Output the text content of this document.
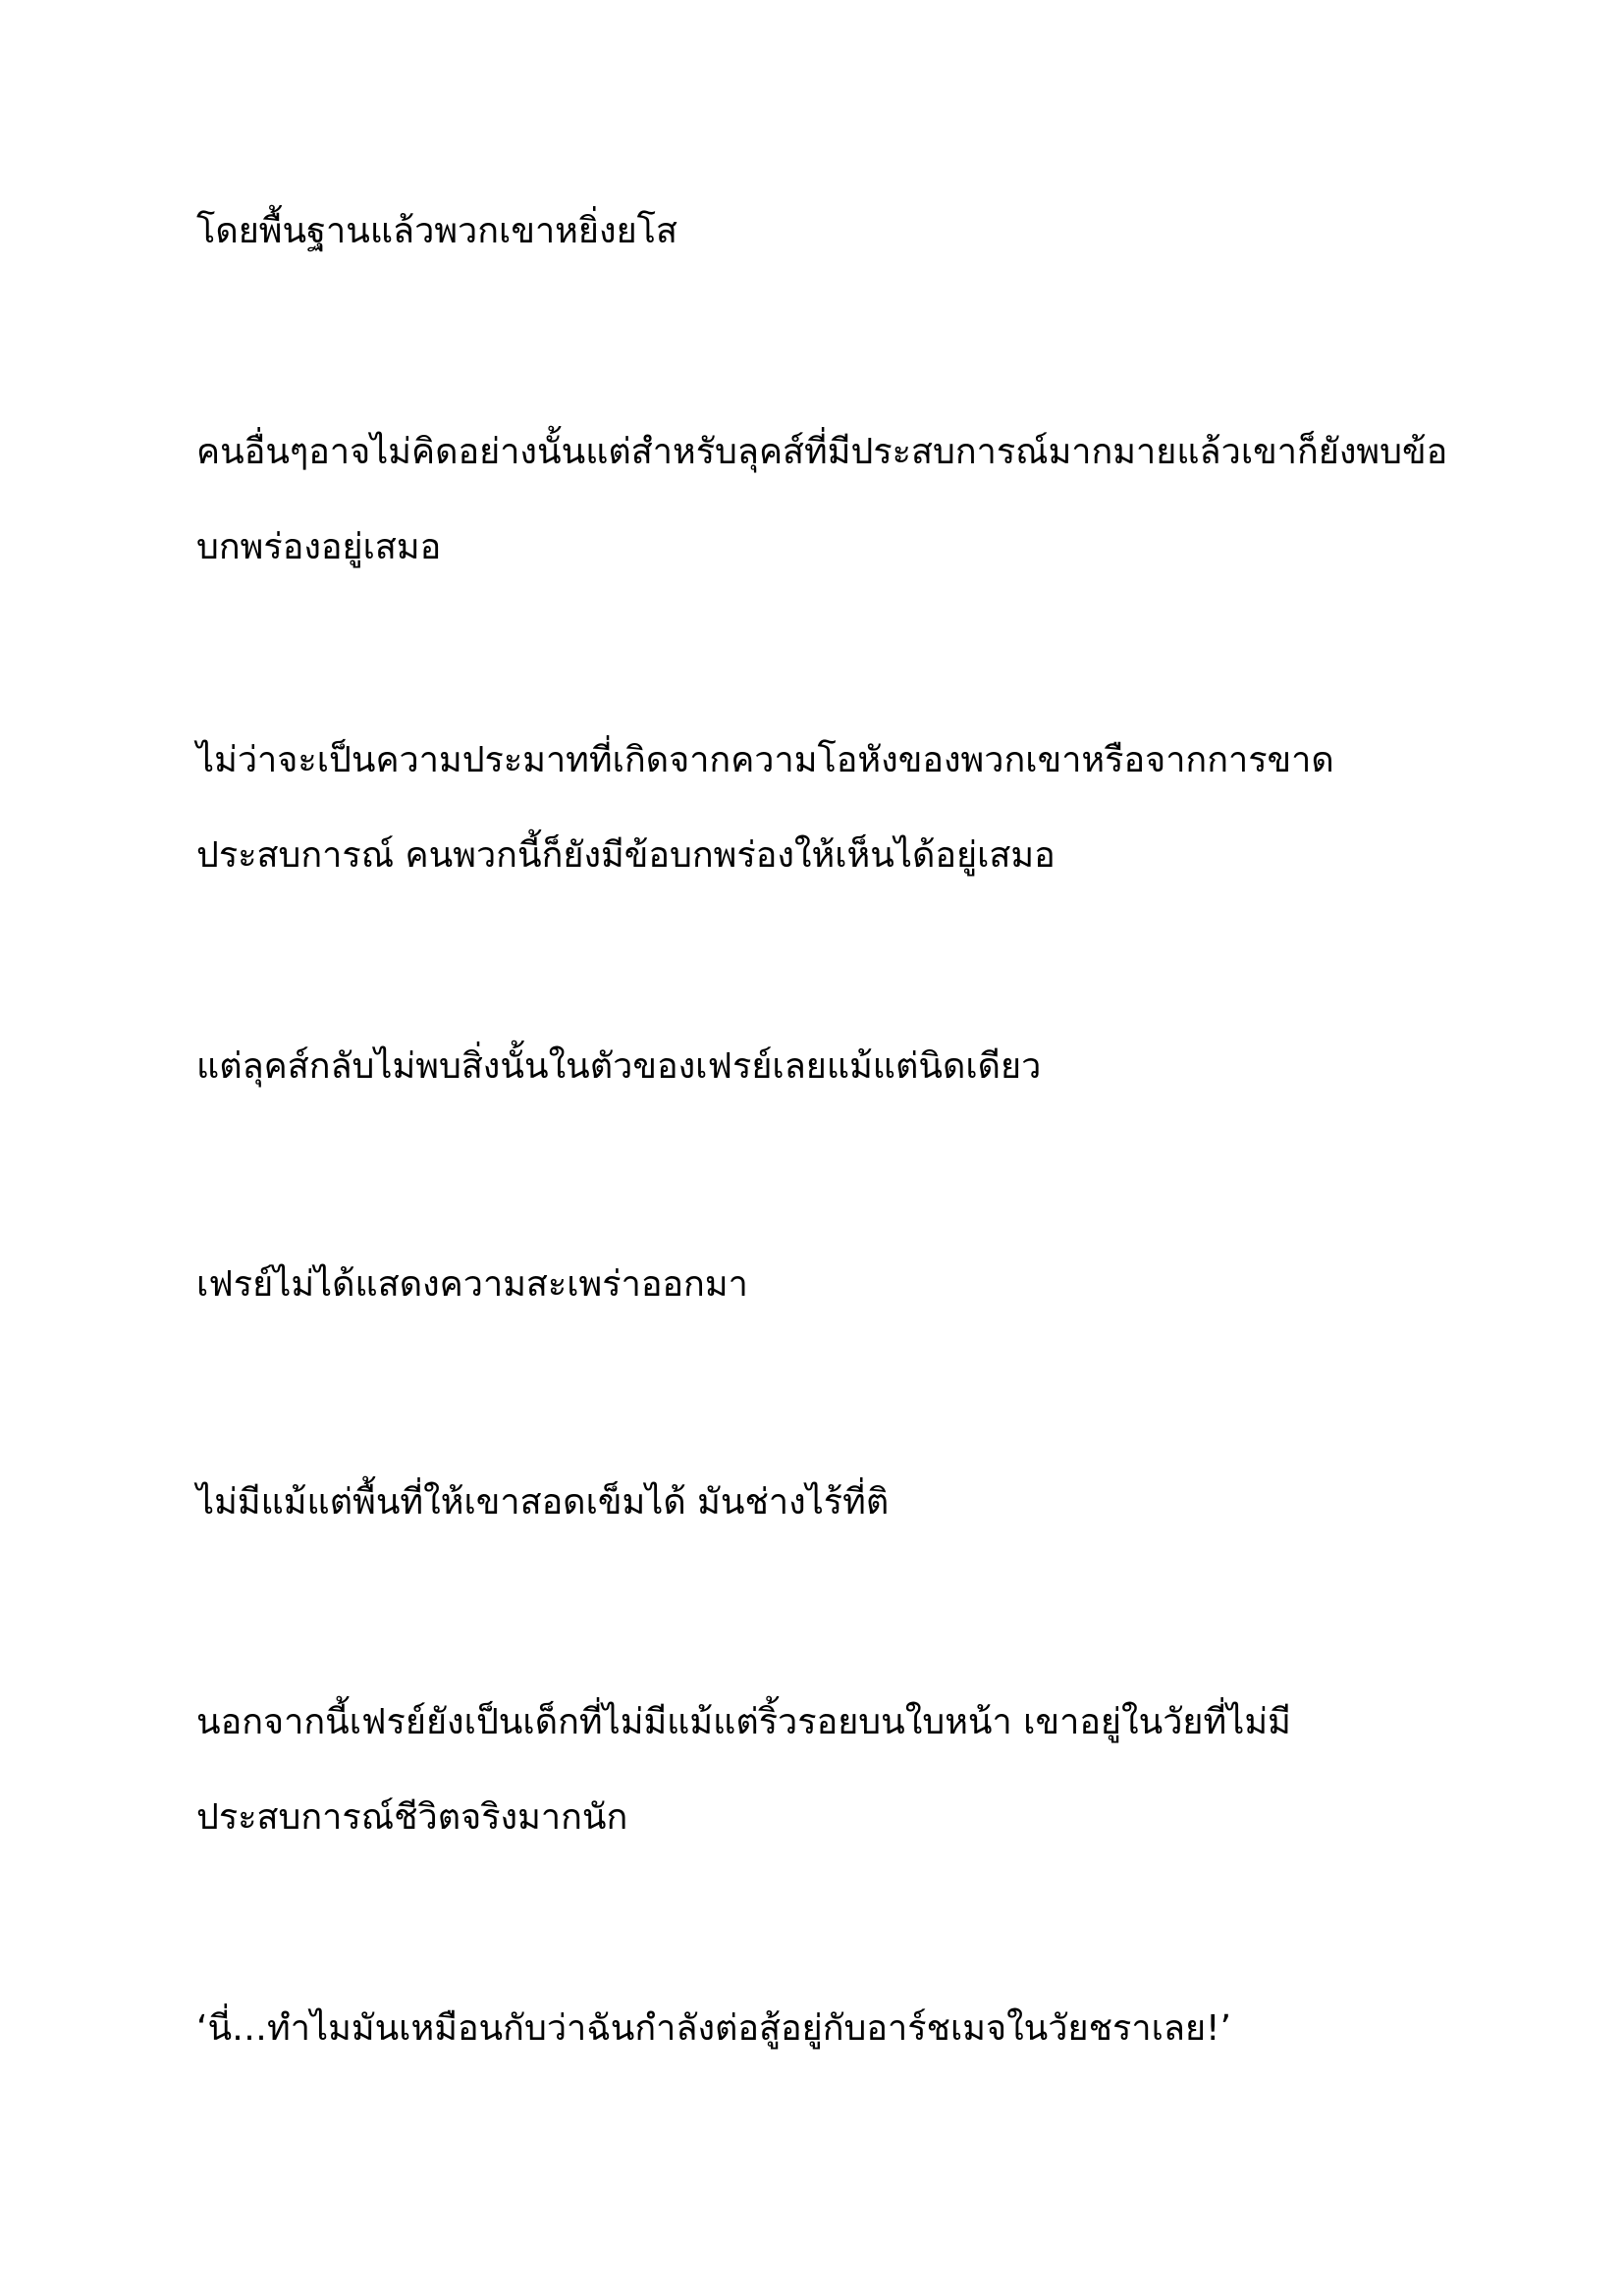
โดยพื้นฐานแล้วพวกเขาหยิ่งยโส

คนอื่นๆอาจไม่คิดอย่างนั้นแต่สำหรับลุคส์ที่มีประสบการณ์มากมายแล้วเขาก็ยังพบข้อบกพร่องอยู่เสมอ

ไม่ว่าจะเป็นความประมาทที่เกิดจากความโอหังของพวกเขาหรือจากการขาดประสบการณ์ คนพวกนี้ก็ยังมีข้อบกพร่องให้เห็นได้อยู่เสมอ

แต่ลุคส์กลับไม่พบสิ่งนั้นในตัวของเฟรย์เลยแม้แต่นิดเดียว

เฟรย์ไม่ได้แสดงความสะเพร่าออกมา

ไม่มีแม้แต่พื้นที่ให้เขาสอดเข็มได้ มันช่างไร้ที่ติ

นอกจากนี้เฟรย์ยังเป็นเด็กที่ไม่มีแม้แต่ริ้วรอยบนใบหน้า เขาอยู่ในวัยที่ไม่มีประสบการณ์ชีวิตจริงมากนัก

‘นี่…ทำไมมันเหมือนกับว่าฉันกำลังต่อสู้อยู่กับอาร์ชเมจในวัยชราเลย!’
